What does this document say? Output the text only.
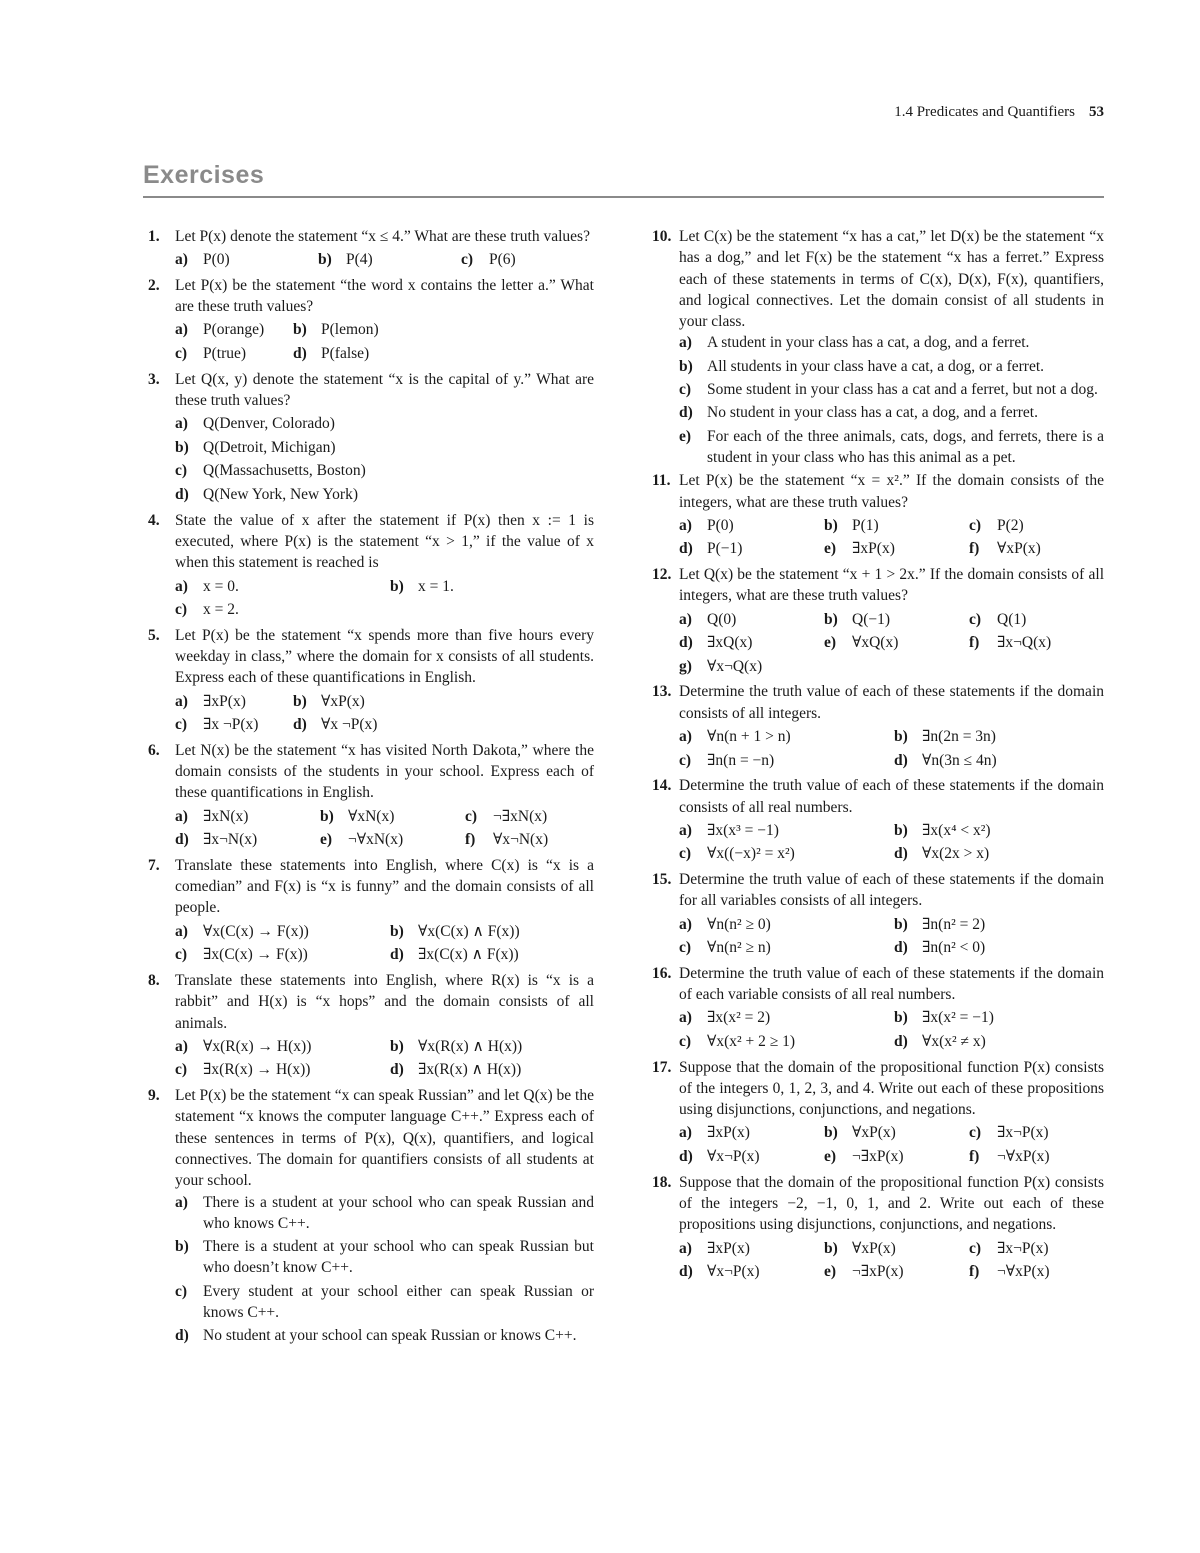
1.4 Predicates and Quantifiers 53
Exercises
1. Let P(x) denote the statement “x ≤ 4.” What are these truth values?
a) P(0)	b) P(4)	c) P(6)
2. Let P(x) be the statement “the word x contains the letter a.” What are these truth values?
a) P(orange)	b) P(lemon)
c) P(true)	d) P(false)
3. Let Q(x, y) denote the statement “x is the capital of y.” What are these truth values?
a) Q(Denver, Colorado)
b) Q(Detroit, Michigan)
c) Q(Massachusetts, Boston)
d) Q(New York, New York)
4. State the value of x after the statement if P(x) then x := 1 is executed, where P(x) is the statement “x > 1,” if the value of x when this statement is reached is
a) x = 0.	b) x = 1.
c) x = 2.
5. Let P(x) be the statement “x spends more than five hours every weekday in class,” where the domain for x consists of all students. Express each of these quantifications in English.
a) ∃xP(x)	b) ∀xP(x)
c) ∃x ¬P(x)	d) ∀x ¬P(x)
6. Let N(x) be the statement “x has visited North Dakota,” where the domain consists of the students in your school. Express each of these quantifications in English.
a) ∃xN(x)	b) ∀xN(x)	c) ¬∃xN(x)
d) ∃x¬N(x)	e) ¬∀xN(x)	f) ∀x¬N(x)
7. Translate these statements into English, where C(x) is “x is a comedian” and F(x) is “x is funny” and the domain consists of all people.
a) ∀x(C(x) → F(x))	b) ∀x(C(x) ∧ F(x))
c) ∃x(C(x) → F(x))	d) ∃x(C(x) ∧ F(x))
8. Translate these statements into English, where R(x) is “x is a rabbit” and H(x) is “x hops” and the domain consists of all animals.
a) ∀x(R(x) → H(x))	b) ∀x(R(x) ∧ H(x))
c) ∃x(R(x) → H(x))	d) ∃x(R(x) ∧ H(x))
9. Let P(x) be the statement “x can speak Russian” and let Q(x) be the statement “x knows the computer language C++.” Express each of these sentences in terms of P(x), Q(x), quantifiers, and logical connectives. The domain for quantifiers consists of all students at your school.
a) There is a student at your school who can speak Russian and who knows C++.
b) There is a student at your school who can speak Russian but who doesn’t know C++.
c) Every student at your school either can speak Russian or knows C++.
d) No student at your school can speak Russian or knows C++.
10. Let C(x) be the statement “x has a cat,” let D(x) be the statement “x has a dog,” and let F(x) be the statement “x has a ferret.” Express each of these statements in terms of C(x), D(x), F(x), quantifiers, and logical connectives. Let the domain consist of all students in your class.
a) A student in your class has a cat, a dog, and a ferret.
b) All students in your class have a cat, a dog, or a ferret.
c) Some student in your class has a cat and a ferret, but not a dog.
d) No student in your class has a cat, a dog, and a ferret.
e) For each of the three animals, cats, dogs, and ferrets, there is a student in your class who has this animal as a pet.
11. Let P(x) be the statement “x = x².” If the domain consists of the integers, what are these truth values?
a) P(0)	b) P(1)	c) P(2)
d) P(−1)	e) ∃xP(x)	f) ∀xP(x)
12. Let Q(x) be the statement “x + 1 > 2x.” If the domain consists of all integers, what are these truth values?
a) Q(0)	b) Q(−1)	c) Q(1)
d) ∃xQ(x)	e) ∀xQ(x)	f) ∃x¬Q(x)
g) ∀x¬Q(x)
13. Determine the truth value of each of these statements if the domain consists of all integers.
a) ∀n(n + 1 > n)	b) ∃n(2n = 3n)
c) ∃n(n = −n)	d) ∀n(3n ≤ 4n)
14. Determine the truth value of each of these statements if the domain consists of all real numbers.
a) ∃x(x³ = −1)	b) ∃x(x⁴ < x²)
c) ∀x((−x)² = x²)	d) ∀x(2x > x)
15. Determine the truth value of each of these statements if the domain for all variables consists of all integers.
a) ∀n(n² ≥ 0)	b) ∃n(n² = 2)
c) ∀n(n² ≥ n)	d) ∃n(n² < 0)
16. Determine the truth value of each of these statements if the domain of each variable consists of all real numbers.
a) ∃x(x² = 2)	b) ∃x(x² = −1)
c) ∀x(x² + 2 ≥ 1)	d) ∀x(x² ≠ x)
17. Suppose that the domain of the propositional function P(x) consists of the integers 0, 1, 2, 3, and 4. Write out each of these propositions using disjunctions, conjunctions, and negations.
a) ∃xP(x)	b) ∀xP(x)	c) ∃x¬P(x)
d) ∀x¬P(x)	e) ¬∃xP(x)	f) ¬∀xP(x)
18. Suppose that the domain of the propositional function P(x) consists of the integers −2, −1, 0, 1, and 2. Write out each of these propositions using disjunctions, conjunctions, and negations.
a) ∃xP(x)	b) ∀xP(x)	c) ∃x¬P(x)
d) ∀x¬P(x)	e) ¬∃xP(x)	f) ¬∀xP(x)
